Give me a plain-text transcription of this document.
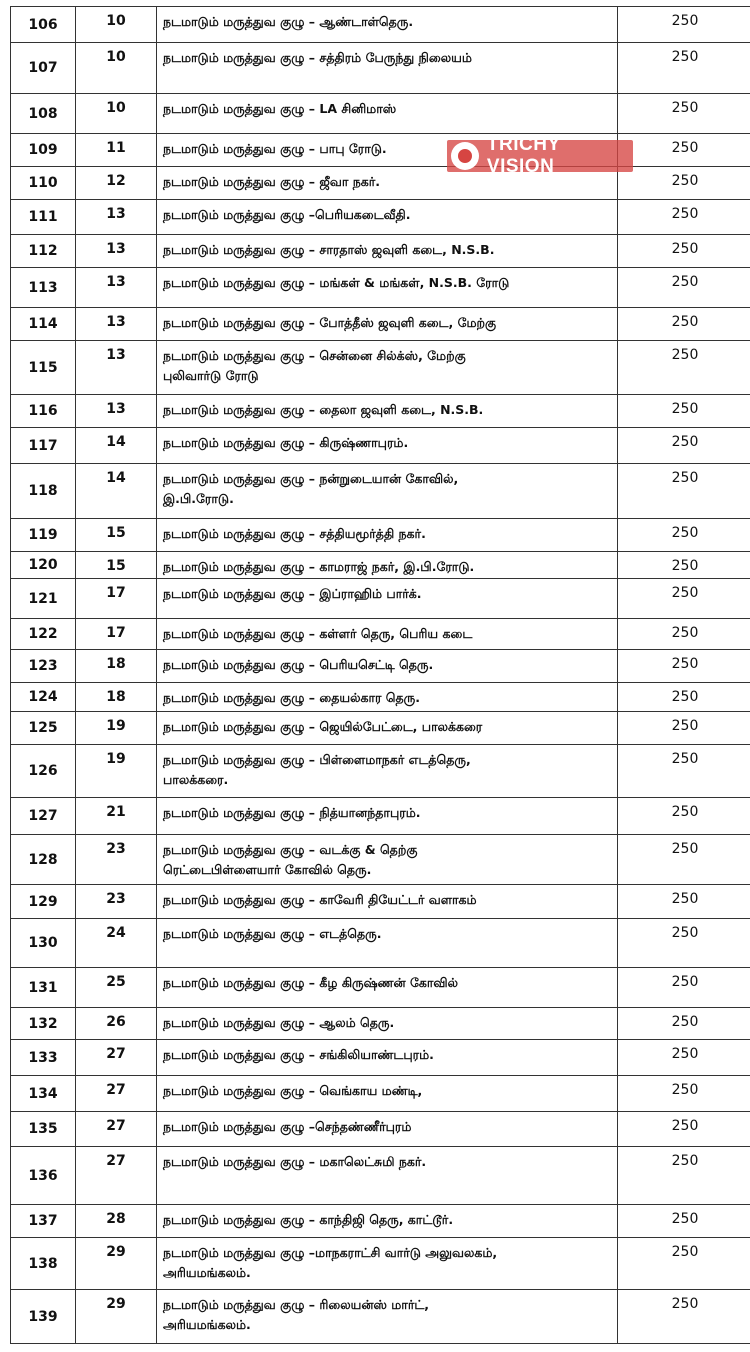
106	10	நடமாடும் மருத்துவ குழு – ஆண்டாள்தெரு.	250
107	10	நடமாடும் மருத்துவ குழு – சத்திரம் பேருந்து நிலையம்	250
108	10	நடமாடும் மருத்துவ குழு – LA சினிமாஸ்	250
109	11	நடமாடும் மருத்துவ குழு – பாபு ரோடு.	250
110	12	நடமாடும் மருத்துவ குழு – ஜீவா நகர்.	250
111	13	நடமாடும் மருத்துவ குழு –பெரியகடைவீதி.	250
112	13	நடமாடும் மருத்துவ குழு – சாரதாஸ் ஜவுளி கடை, N.S.B.	250
113	13	நடமாடும் மருத்துவ குழு – மங்கள் & மங்கள், N.S.B. ரோடு	250
114	13	நடமாடும் மருத்துவ குழு – போத்தீஸ் ஜவுளி கடை, மேற்கு	250
115	13	நடமாடும் மருத்துவ குழு – சென்னை சில்க்ஸ், மேற்கு
புலிவார்டு ரோடு	250
116	13	நடமாடும் மருத்துவ குழு – தைலா ஜவுளி கடை, N.S.B.	250
117	14	நடமாடும் மருத்துவ குழு – கிருஷ்ணாபுரம்.	250
118	14	நடமாடும் மருத்துவ குழு – நன்றுடையான் கோவில்,
இ.பி.ரோடு.	250
119	15	நடமாடும் மருத்துவ குழு – சத்தியமூர்த்தி நகர்.	250
120	15	நடமாடும் மருத்துவ குழு – காமராஜ் நகர், இ.பி.ரோடு.	250
121	17	நடமாடும் மருத்துவ குழு – இப்ராஹிம் பார்க்.	250
122	17	நடமாடும் மருத்துவ குழு – கள்ளர் தெரு, பெரிய கடை	250
123	18	நடமாடும் மருத்துவ குழு – பெரியசெட்டி தெரு.	250
124	18	நடமாடும் மருத்துவ குழு – தையல்கார தெரு.	250
125	19	நடமாடும் மருத்துவ குழு – ஜெயில்பேட்டை, பாலக்கரை	250
126	19	நடமாடும் மருத்துவ குழு – பிள்ளைமாநகர் எடத்தெரு,
பாலக்கரை.	250
127	21	நடமாடும் மருத்துவ குழு – நித்யானந்தாபுரம்.	250
128	23	நடமாடும் மருத்துவ குழு – வடக்கு & தெற்கு
ரெட்டைபிள்ளையார் கோவில் தெரு.	250
129	23	நடமாடும் மருத்துவ குழு – காவேரி தியேட்டர் வளாகம்	250
130	24	நடமாடும் மருத்துவ குழு – எடத்தெரு.	250
131	25	நடமாடும் மருத்துவ குழு – கீழ கிருஷ்ணன் கோவில்	250
132	26	நடமாடும் மருத்துவ குழு – ஆலம் தெரு.	250
133	27	நடமாடும் மருத்துவ குழு – சங்கிலியாண்டபுரம்.	250
134	27	நடமாடும் மருத்துவ குழு – வெங்காய மண்டி,	250
135	27	நடமாடும் மருத்துவ குழு –செந்தண்ணீர்புரம்	250
136	27	நடமாடும் மருத்துவ குழு – மகாலெட்சுமி நகர்.	250
137	28	நடமாடும் மருத்துவ குழு – காந்திஜி தெரு, காட்டூர்.	250
138	29	நடமாடும் மருத்துவ குழு –மாநகராட்சி வார்டு அலுவலகம்,
அரியமங்கலம்.	250
139	29	நடமாடும் மருத்துவ குழு – ரிலையன்ஸ் மார்ட்,
அரியமங்கலம்.	250
TRICHY VISION
